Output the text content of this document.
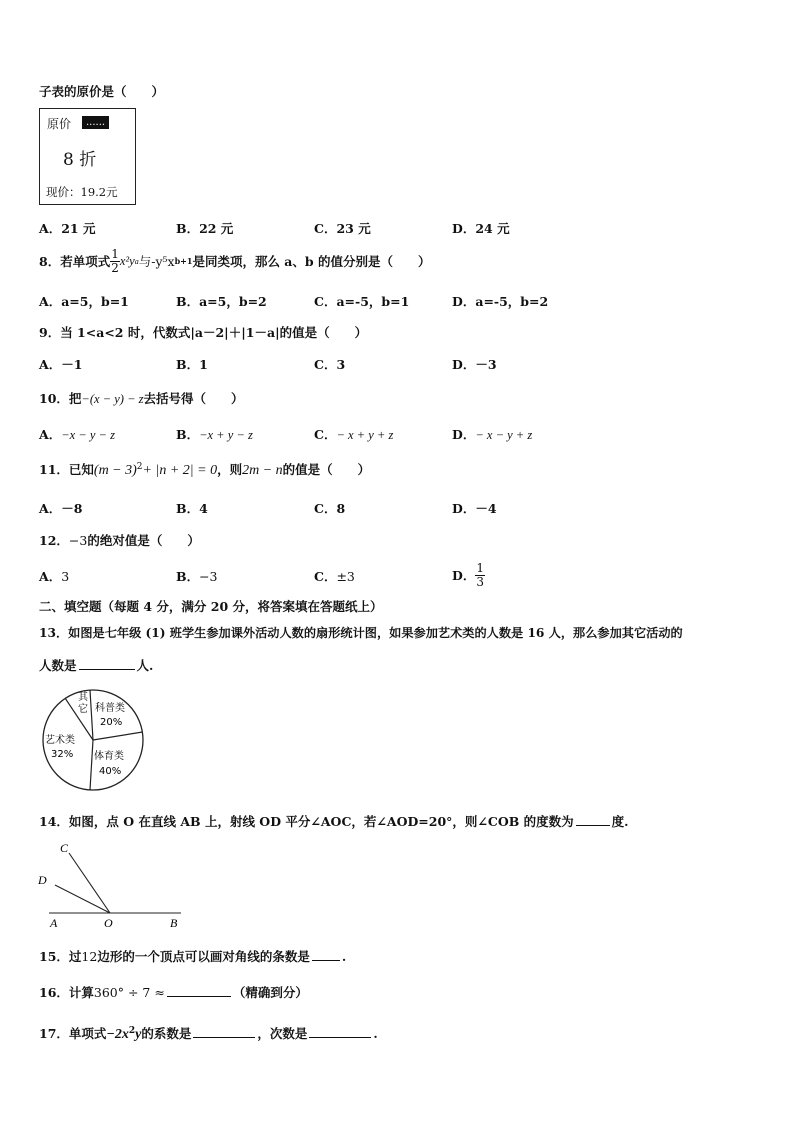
子表的原价是（　　）
原价	......
8 折
现价：19.2元
A．21 元	B．22 元	C．23 元	D．24 元
8． 若单项式 $\frac{1}{2} x^2y$ a 与 -y⁵x b+1 是同类项，那么 a、b 的值分别是（　　）
A．a=5，b=1	B．a=5，b=2	C．a=-5，b=1	D．a=-5，b=2
9．当 1<a<2 时，代数式|a－2|＋|1－a|的值是（　　）
A．－1	B．1	C．3	D．－3
10．把−(x − y) − z去括号得（　　）
A．−x − y − z	B．−x + y − z	C．− x + y + z	D．− x − y + z
11．已知$(m - 3)^2+ |n + 2| = 0$，则2m − n的值是（　　）
A．－8	B．4	C．8	D．－4
12．−3的绝对值是（　　）
A．3	B．−3	C．±3	D． $\frac{1}{3}$
二、填空题（每题 4 分，满分 20 分，将答案填在答题纸上）
13．如图是七年级 (1) 班学生参加课外活动人数的扇形统计图，如果参加艺术类的人数是 16 人，那么参加其它活动的
人数是	人.
其
它 科普类
20%
艺术类
32% 体育类
40%
14．如图，点 O 在直线 AB 上，射线 OD 平分∠AOC，若∠AOD=20°，则∠COB 的度数为	度.
C
D
A	O	B
15．过12边形的一个顶点可以画对角线的条数是	.
16．计算360° ÷ 7 ≈	（精确到分）
17．单项式$-2x^2y$的系数是	，次数是	.
